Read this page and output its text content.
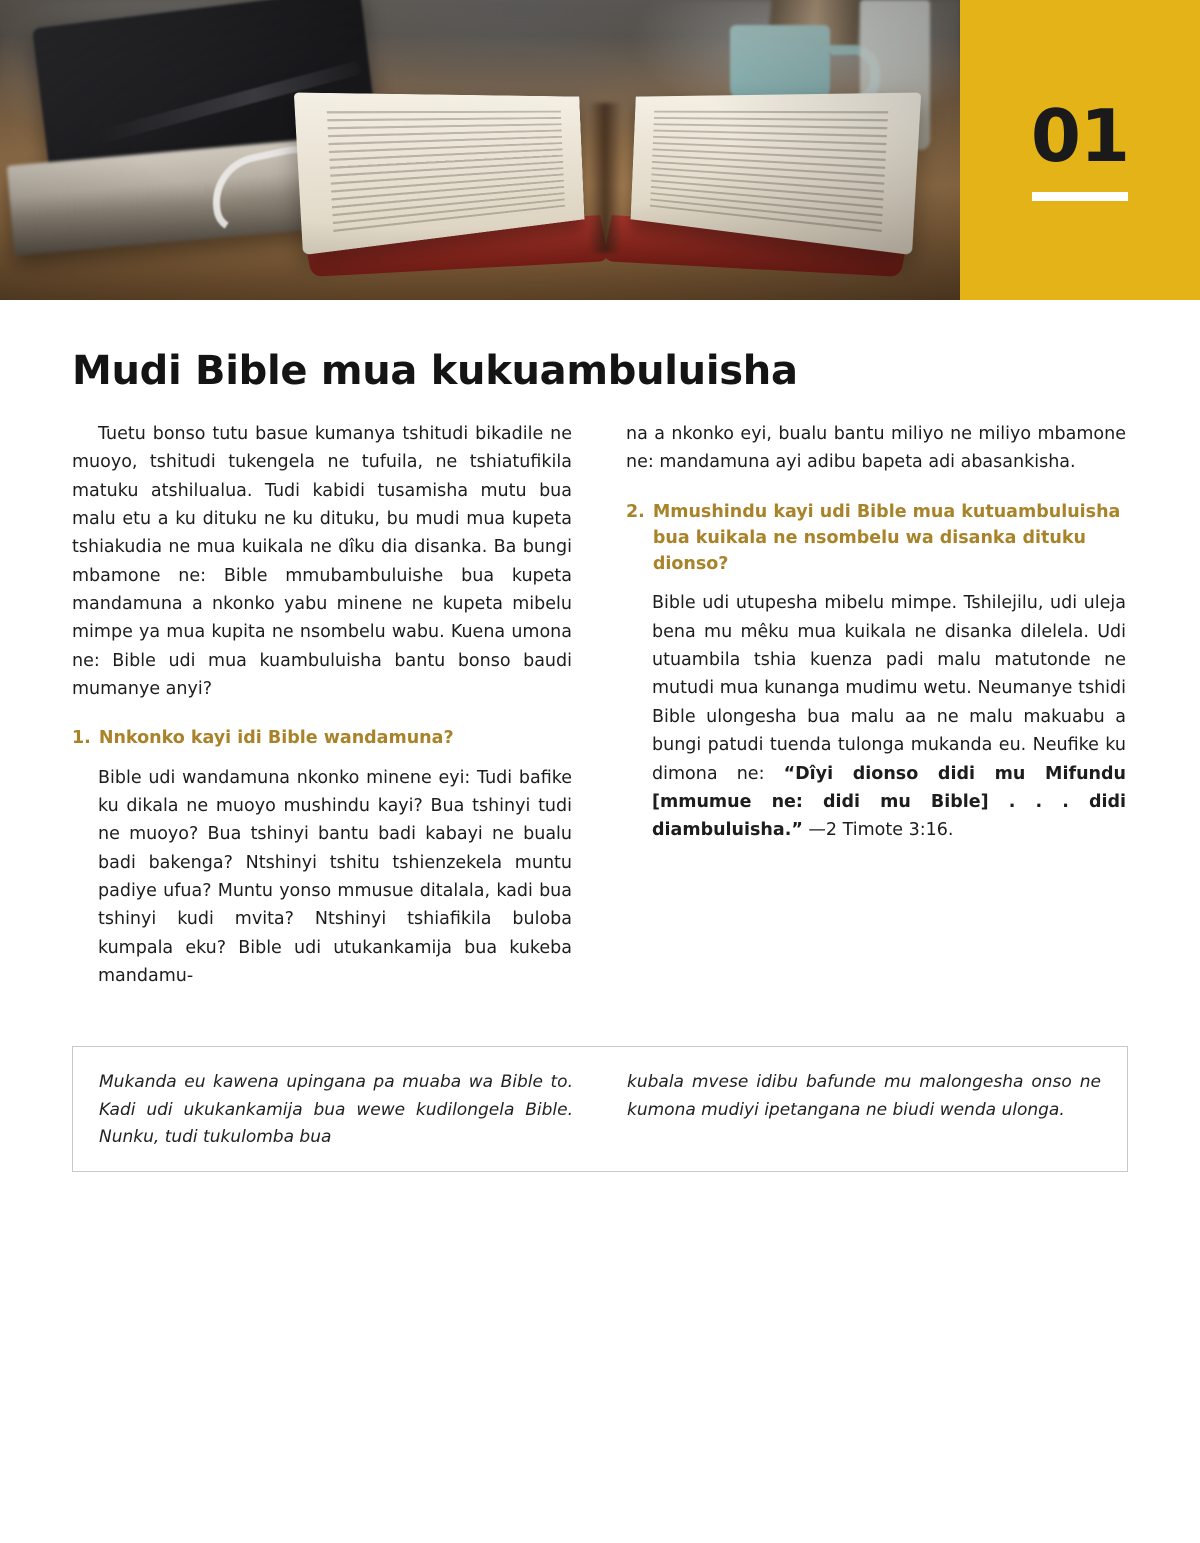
01
Mudi Bible mua kukuambuluisha

Tuetu bonso tutu basue kumanya tshitudi bikadile ne muoyo, tshitudi tukengela ne tufuila, ne tshiatufikila matuku atshilualua. Tudi kabidi tusamisha mutu bua malu etu a ku dituku ne ku dituku, bu mudi mua kupeta tshiakudia ne mua kuikala ne dîku dia disanka. Ba bungi mbamone ne: Bible mmubambuluishe bua kupeta mandamuna a nkonko yabu minene ne kupeta mibelu mimpe ya mua kupita ne nsombelu wabu. Kuena umona ne: Bible udi mua kuambuluisha bantu bonso baudi mumanye anyi?

1. Nnkonko kayi idi Bible wandamuna?

Bible udi wandamuna nkonko minene eyi: Tudi bafike ku dikala ne muoyo mushindu kayi? Bua tshinyi tudi ne muoyo? Bua tshinyi bantu badi kabayi ne bualu badi bakenga? Ntshinyi tshitu tshienzekela muntu padiye ufua? Muntu yonso mmusue ditalala, kadi bua tshinyi kudi mvita? Ntshinyi tshiafikila buloba kumpala eku? Bible udi utukankamija bua kukeba mandamu-

na a nkonko eyi, bualu bantu miliyo ne miliyo mbamone ne: mandamuna ayi adibu bapeta adi abasankisha.

2. Mmushindu kayi udi Bible mua kutuambuluisha bua kuikala ne nsombelu wa disanka dituku dionso?

Bible udi utupesha mibelu mimpe. Tshilejilu, udi uleja bena mu mêku mua kuikala ne disanka dilelela. Udi utuambila tshia kuenza padi malu matutonde ne mutudi mua kunanga mudimu wetu. Neumanye tshidi Bible ulongesha bua malu aa ne malu makuabu a bungi patudi tuenda tulonga mukanda eu. Neufike ku dimona ne: “Dîyi dionso didi mu Mifundu [mmumue ne: didi mu Bible] . . . didi diambuluisha.” —2 Timote 3:16.

Mukanda eu kawena upingana pa muaba wa Bible to. Kadi udi ukukankamija bua wewe kudilongela Bible. Nunku, tudi tukulomba bua

kubala mvese idibu bafunde mu malongesha onso ne kumona mudiyi ipetangana ne biudi wenda ulonga.
